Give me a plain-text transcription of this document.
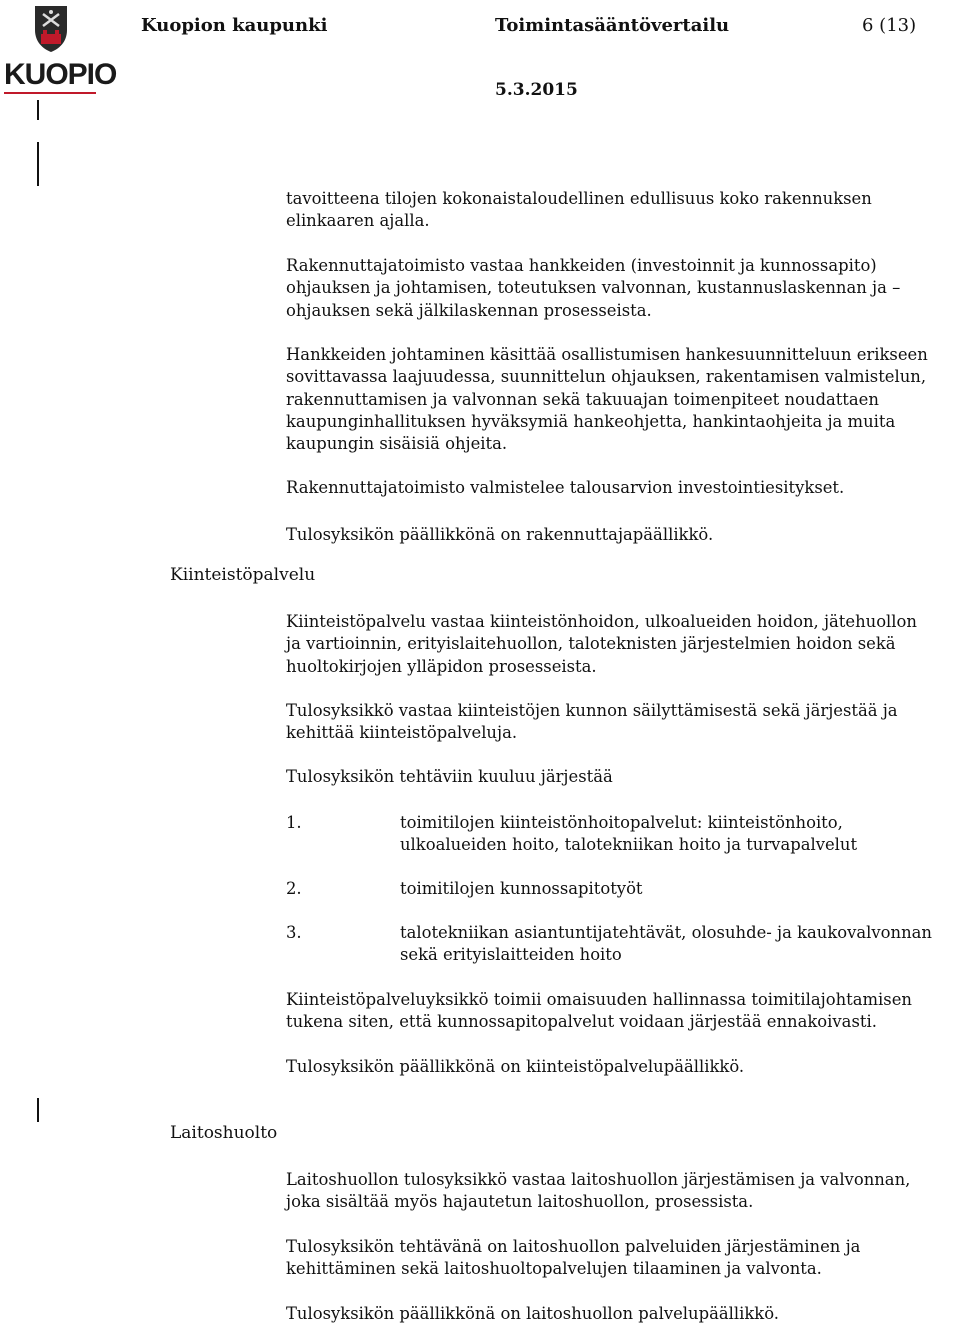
KUOPIO
Kuopion kaupunki	Toimintasääntövertailu	6 (13)
5.3.2015
tavoitteena tilojen kokonaistaloudellinen edullisuus koko rakennuksen
elinkaaren ajalla.
Rakennuttajatoimisto vastaa hankkeiden (investoinnit ja kunnossapito)
ohjauksen ja johtamisen, toteutuksen valvonnan, kustannuslaskennan ja –
ohjauksen sekä jälkilaskennan prosesseista.
Hankkeiden johtaminen käsittää osallistumisen hankesuunnitteluun erikseen
sovittavassa laajuudessa, suunnittelun ohjauksen, rakentamisen valmistelun,
rakennuttamisen ja valvonnan sekä takuuajan toimenpiteet noudattaen
kaupunginhallituksen hyväksymiä hankeohjetta, hankintaohjeita ja muita
kaupungin sisäisiä ohjeita.
Rakennuttajatoimisto valmistelee talousarvion investointiesitykset.
Tulosyksikön päällikkönä on rakennuttajapäällikkö.
Kiinteistöpalvelu
Kiinteistöpalvelu vastaa kiinteistönhoidon, ulkoalueiden hoidon, jätehuollon
ja vartioinnin, erityislaitehuollon, taloteknisten järjestelmien hoidon sekä
huoltokirjojen ylläpidon prosesseista.
Tulosyksikkö vastaa kiinteistöjen kunnon säilyttämisestä sekä järjestää ja
kehittää kiinteistöpalveluja.
Tulosyksikön tehtäviin kuuluu järjestää
1.	toimitilojen kiinteistönhoitopalvelut: kiinteistönhoito,
ulkoalueiden hoito, talotekniikan hoito ja turvapalvelut
2.	toimitilojen kunnossapitotyöt
3.	talotekniikan asiantuntijatehtävät, olosuhde- ja kaukovalvonnan
sekä erityislaitteiden hoito
Kiinteistöpalveluyksikkö toimii omaisuuden hallinnassa toimitilajohtamisen
tukena siten, että kunnossapitopalvelut voidaan järjestää ennakoivasti.
Tulosyksikön päällikkönä on kiinteistöpalvelupäällikkö.
Laitoshuolto
Laitoshuollon tulosyksikkö vastaa laitoshuollon järjestämisen ja valvonnan,
joka sisältää myös hajautetun laitoshuollon, prosessista.
Tulosyksikön tehtävänä on laitoshuollon palveluiden järjestäminen ja
kehittäminen sekä laitoshuoltopalvelujen tilaaminen ja valvonta.
Tulosyksikön päällikkönä on laitoshuollon palvelupäällikkö.
